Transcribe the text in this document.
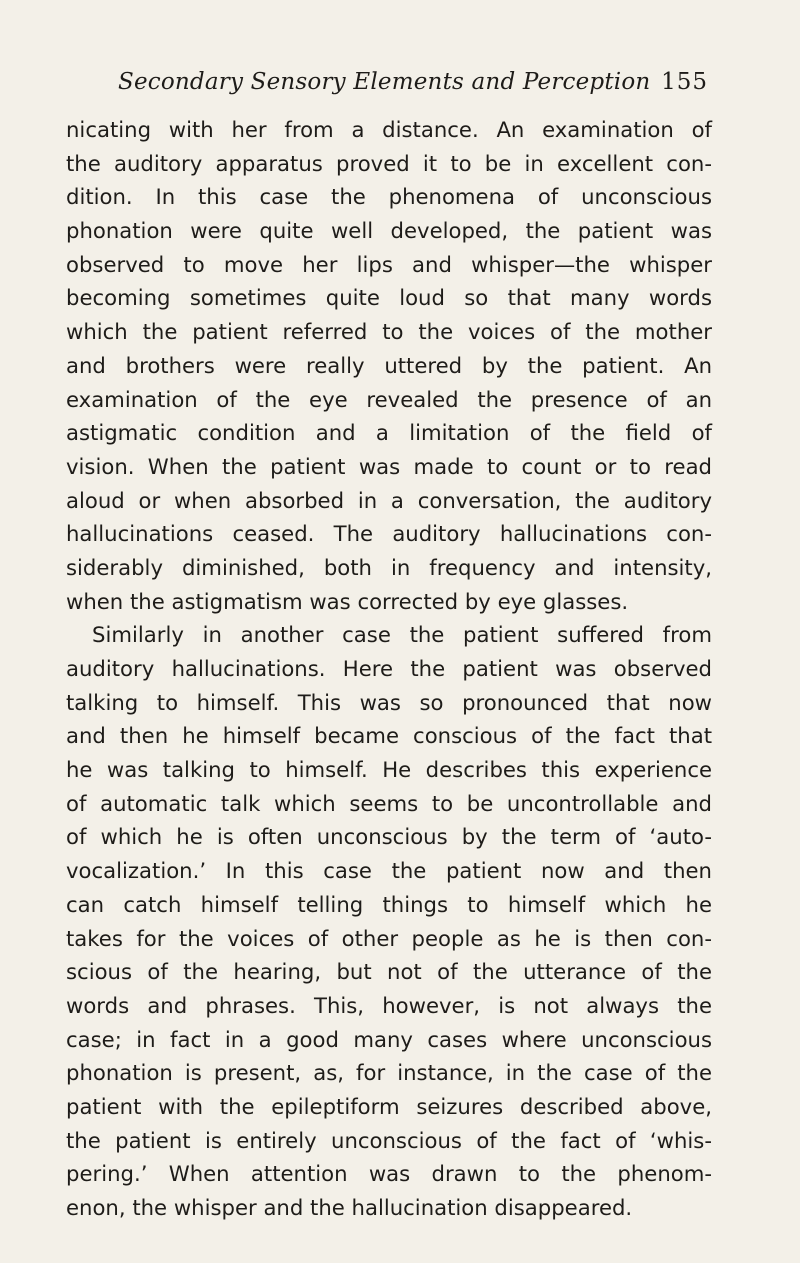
Secondary Sensory Elements and Perception 155
nicating with her from a distance. An examination of
the auditory apparatus proved it to be in excellent con-
dition. In this case the phenomena of unconscious
phonation were quite well developed, the patient was
observed to move her lips and whisper—the whisper
becoming sometimes quite loud so that many words
which the patient referred to the voices of the mother
and brothers were really uttered by the patient. An
examination of the eye revealed the presence of an
astigmatic condition and a limitation of the field of
vision. When the patient was made to count or to read
aloud or when absorbed in a conversation, the auditory
hallucinations ceased. The auditory hallucinations con-
siderably diminished, both in frequency and intensity,
when the astigmatism was corrected by eye glasses.
Similarly in another case the patient suffered from
auditory hallucinations. Here the patient was observed
talking to himself. This was so pronounced that now
and then he himself became conscious of the fact that
he was talking to himself. He describes this experience
of automatic talk which seems to be uncontrollable and
of which he is often unconscious by the term of ‘auto-
vocalization.’ In this case the patient now and then
can catch himself telling things to himself which he
takes for the voices of other people as he is then con-
scious of the hearing, but not of the utterance of the
words and phrases. This, however, is not always the
case; in fact in a good many cases where unconscious
phonation is present, as, for instance, in the case of the
patient with the epileptiform seizures described above,
the patient is entirely unconscious of the fact of ‘whis-
pering.’ When attention was drawn to the phenom-
enon, the whisper and the hallucination disappeared.
